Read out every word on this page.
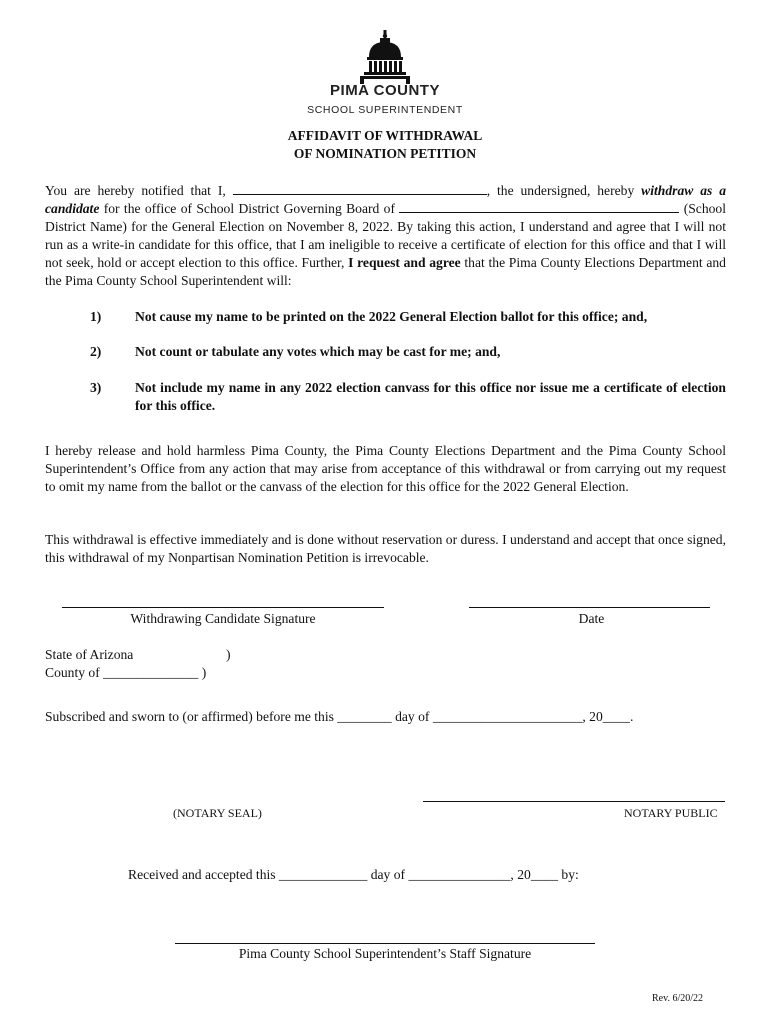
PIMA COUNTY
SCHOOL SUPERINTENDENT
AFFIDAVIT OF WITHDRAWAL
OF NOMINATION PETITION
You are hereby notified that I,	, the undersigned, hereby withdraw as a candidate for the office of School District Governing Board of	(School District Name) for the General Election on November 8, 2022. By taking this action, I understand and agree that I will not run as a write-in candidate for this office, that I am ineligible to receive a certificate of election for this office and that I will not seek, hold or accept election to this office. Further, I request and agree that the Pima County Elections Department and the Pima County School Superintendent will:
1) Not cause my name to be printed on the 2022 General Election ballot for this office; and,
2) Not count or tabulate any votes which may be cast for me; and,
3) Not include my name in any 2022 election canvass for this office nor issue me a certificate of election for this office.
I hereby release and hold harmless Pima County, the Pima County Elections Department and the Pima County School Superintendent’s Office from any action that may arise from acceptance of this withdrawal or from carrying out my request to omit my name from the ballot or the canvass of the election for this office for the 2022 General Election.
This withdrawal is effective immediately and is done without reservation or duress. I understand and accept that once signed, this withdrawal of my Nonpartisan Nomination Petition is irrevocable.
Withdrawing Candidate Signature	Date
State of Arizona	)
County of ______________ )
Subscribed and sworn to (or affirmed) before me this ________ day of ______________________, 20____.
(NOTARY SEAL)	NOTARY PUBLIC
Received and accepted this _____________ day of _______________, 20____ by:
Pima County School Superintendent’s Staff Signature
Rev. 6/20/22
